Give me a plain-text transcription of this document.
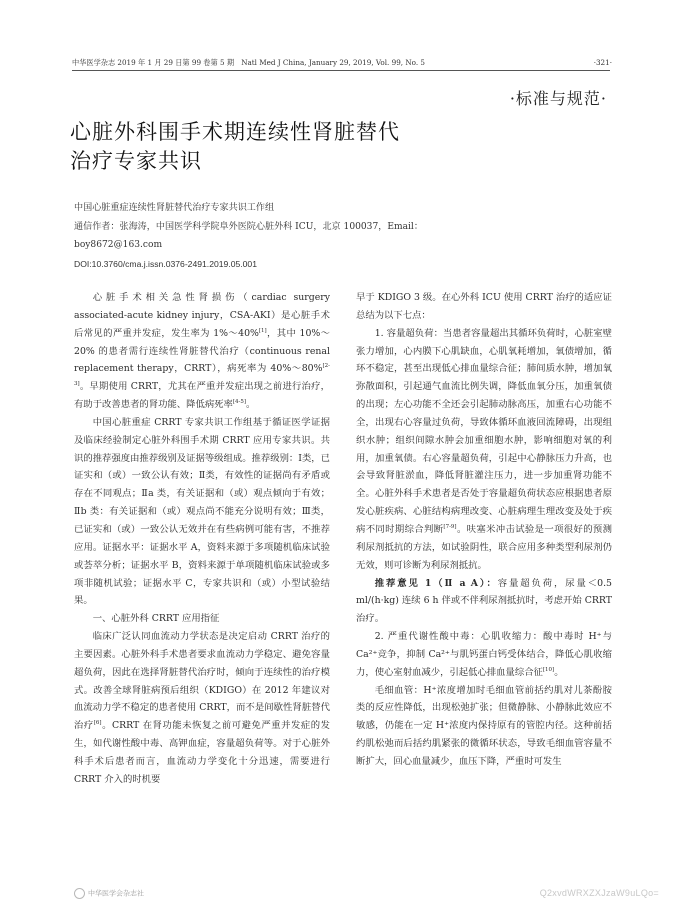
中华医学杂志 2019 年 1 月 29 日第 99 卷第 5 期　Natl Med J China, January 29, 2019, Vol. 99, No. 5	·321·
·标准与规范·
心脏外科围手术期连续性肾脏替代
治疗专家共识
中国心脏重症连续性肾脏替代治疗专家共识工作组
通信作者：张海涛，中国医学科学院阜外医院心脏外科 ICU，北京 100037，Email：
boy8672@163.com
DOI:10.3760/cma.j.issn.0376-2491.2019.05.001

心脏手术相关急性肾损伤（cardiac surgery associated-acute kidney injury，CSA-AKI）是心脏手术后常见的严重并发症，发生率为 1%～40%[1]，其中 10%～20% 的患者需行连续性肾脏替代治疗（continuous renal replacement therapy，CRRT），病死率为 40%～80%[2-3]。早期使用 CRRT，尤其在严重并发症出现之前进行治疗，有助于改善患者的肾功能、降低病死率[4-5]。

中国心脏重症 CRRT 专家共识工作组基于循证医学证据及临床经验制定心脏外科围手术期 CRRT 应用专家共识。共识的推荐强度由推荐级别及证据等级组成。推荐级别：Ⅰ类，已证实和（或）一致公认有效；Ⅱ类，有效性的证据尚有矛盾或存在不同观点；Ⅱa 类，有关证据和（或）观点倾向于有效；Ⅱb 类：有关证据和（或）观点尚不能充分说明有效；Ⅲ类，已证实和（或）一致公认无效并在有些病例可能有害，不推荐应用。证据水平：证据水平 A，资料来源于多项随机临床试验或荟萃分析；证据水平 B，资料来源于单项随机临床试验或多项非随机试验；证据水平 C，专家共识和（或）小型试验结果。

一、心脏外科 CRRT 应用指征

临床广泛认同血流动力学状态是决定启动 CRRT 治疗的主要因素。心脏外科手术患者要求血流动力学稳定、避免容量超负荷，因此在选择肾脏替代治疗时，倾向于连续性的治疗模式。改善全球肾脏病预后组织（KDIGO）在 2012 年建议对血流动力学不稳定的患者使用 CRRT，而不是间歇性肾脏替代治疗[6]。CRRT 在肾功能未恢复之前可避免严重并发症的发生，如代谢性酸中毒、高钾血症，容量超负荷等。对于心脏外科手术后患者而言，血流动力学变化十分迅速，需要进行 CRRT 介入的时机要

早于 KDIGO 3 级。在心外科 ICU 使用 CRRT 治疗的适应证总结为以下七点：

1. 容量超负荷：当患者容量超出其循环负荷时，心脏室壁张力增加，心内膜下心肌缺血，心肌氧耗增加，氧债增加，循环不稳定，甚至出现低心排血量综合征；肺间质水肿，增加氧弥散面积，引起通气血流比例失调，降低血氧分压，加重氧债的出现；左心功能不全还会引起肺动脉高压，加重右心功能不全，出现右心容量过负荷，导致体循环血液回流障碍，出现组织水肿；组织间隙水肿会加重细胞水肿，影响细胞对氧的利用，加重氧债。右心容量超负荷，引起中心静脉压力升高，也会导致肾脏淤血，降低肾脏灌注压力，进一步加重肾功能不全。心脏外科手术患者是否处于容量超负荷状态应根据患者原发心脏疾病、心脏结构病理改变、心脏病理生理改变及处于疾病不同时期综合判断[7-9]。呋塞米冲击试验是一项很好的预测利尿剂抵抗的方法，如试验阴性，联合应用多种类型利尿剂仍无效，则可诊断为利尿剂抵抗。

推荐意见 1（Ⅱ a A）：容量超负荷，尿量＜0.5 ml/(h·kg) 连续 6 h 伴或不伴利尿剂抵抗时，考虑开始 CRRT 治疗。

2. 严重代谢性酸中毒：心肌收缩力：酸中毒时 H⁺与 Ca²⁺竞争，抑制 Ca²⁺与肌钙蛋白钙受体结合，降低心肌收缩力，使心室射血减少，引起低心排血量综合征[10]。

毛细血管：H⁺浓度增加时毛细血管前括约肌对儿茶酚胺类的反应性降低，出现松弛扩张；但微静脉、小静脉此效应不敏感，仍能在一定 H⁺浓度内保持原有的管腔内径。这种前括约肌松弛而后括约肌紧张的微循环状态，导致毛细血管容量不断扩大，回心血量减少，血压下降，严重时可发生

中华医学会杂志社	Q2xvdWRXZXJzaW9uLQo=
